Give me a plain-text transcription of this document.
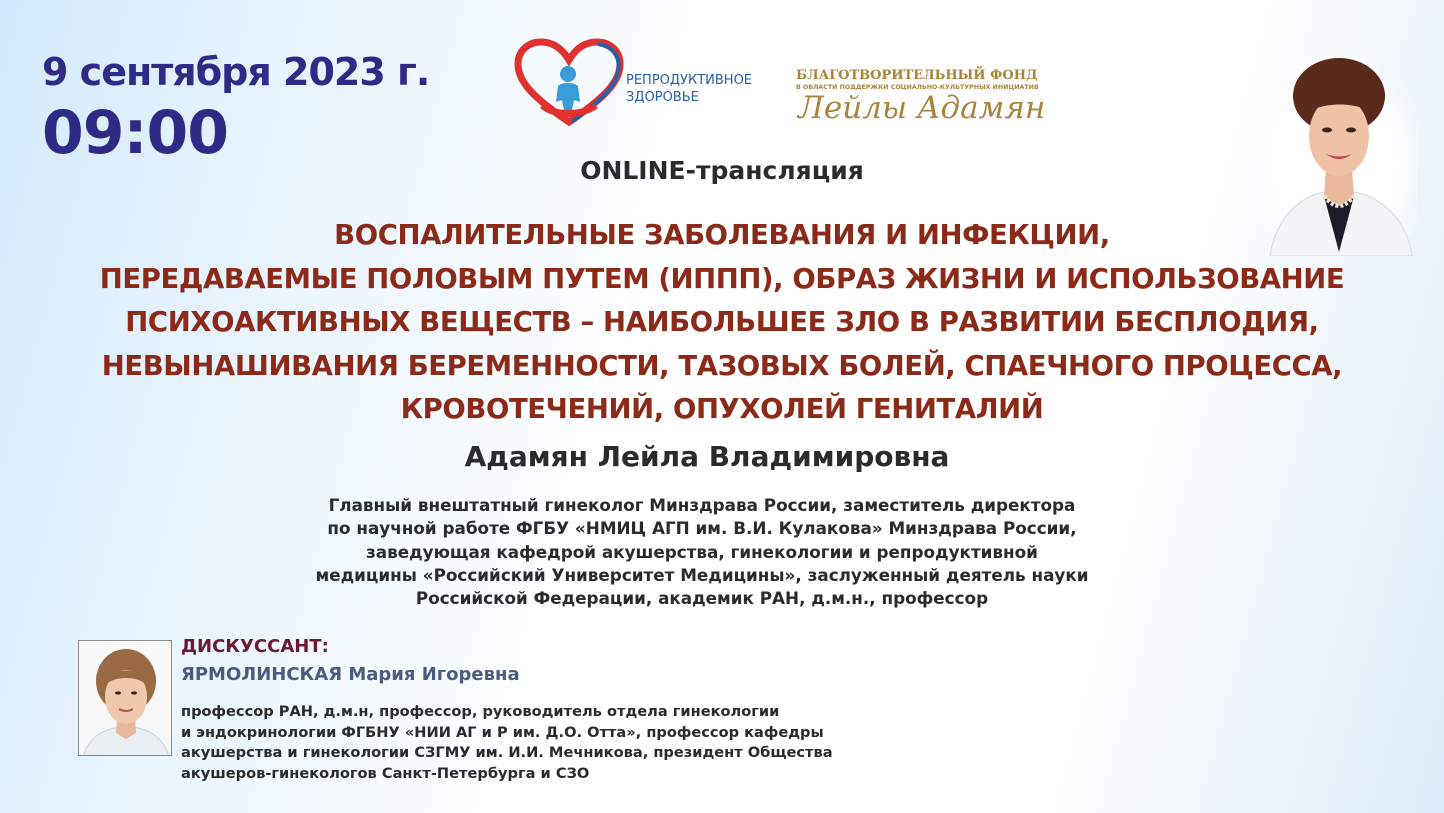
9 сентября 2023 г.
09:00
РЕПРОДУКТИВНОЕ
ЗДОРОВЬЕ
БЛАГОТВОРИТЕЛЬНЫЙ ФОНД
В ОБЛАСТИ ПОДДЕРЖКИ СОЦИАЛЬНО-КУЛЬТУРНЫХ ИНИЦИАТИВ
Лейлы Адамян
ONLINE-трансляция
ВОСПАЛИТЕЛЬНЫЕ ЗАБОЛЕВАНИЯ И ИНФЕКЦИИ,
ПЕРЕДАВАЕМЫЕ ПОЛОВЫМ ПУТЕМ (ИППП), ОБРАЗ ЖИЗНИ И ИСПОЛЬЗОВАНИЕ
ПСИХОАКТИВНЫХ ВЕЩЕСТВ – НАИБОЛЬШЕЕ ЗЛО В РАЗВИТИИ БЕСПЛОДИЯ,
НЕВЫНАШИВАНИЯ БЕРЕМЕННОСТИ, ТАЗОВЫХ БОЛЕЙ, СПАЕЧНОГО ПРОЦЕССА,
КРОВОТЕЧЕНИЙ, ОПУХОЛЕЙ ГЕНИТАЛИЙ
Адамян Лейла Владимировна
Главный внештатный гинеколог Минздрава России, заместитель директора
по научной работе ФГБУ «НМИЦ АГП им. В.И. Кулакова» Минздрава России,
заведующая кафедрой акушерства, гинекологии и репродуктивной
медицины «Российский Университет Медицины», заслуженный деятель науки
Российской Федерации, академик РАН, д.м.н., профессор
ДИСКУССАНТ:
ЯРМОЛИНСКАЯ Мария Игоревна
профессор РАН, д.м.н, профессор, руководитель отдела гинекологии
и эндокринологии ФГБНУ «НИИ АГ и Р им. Д.О. Отта», профессор кафедры
акушерства и гинекологии СЗГМУ им. И.И. Мечникова, президент Общества
акушеров-гинекологов Санкт-Петербурга и СЗО
